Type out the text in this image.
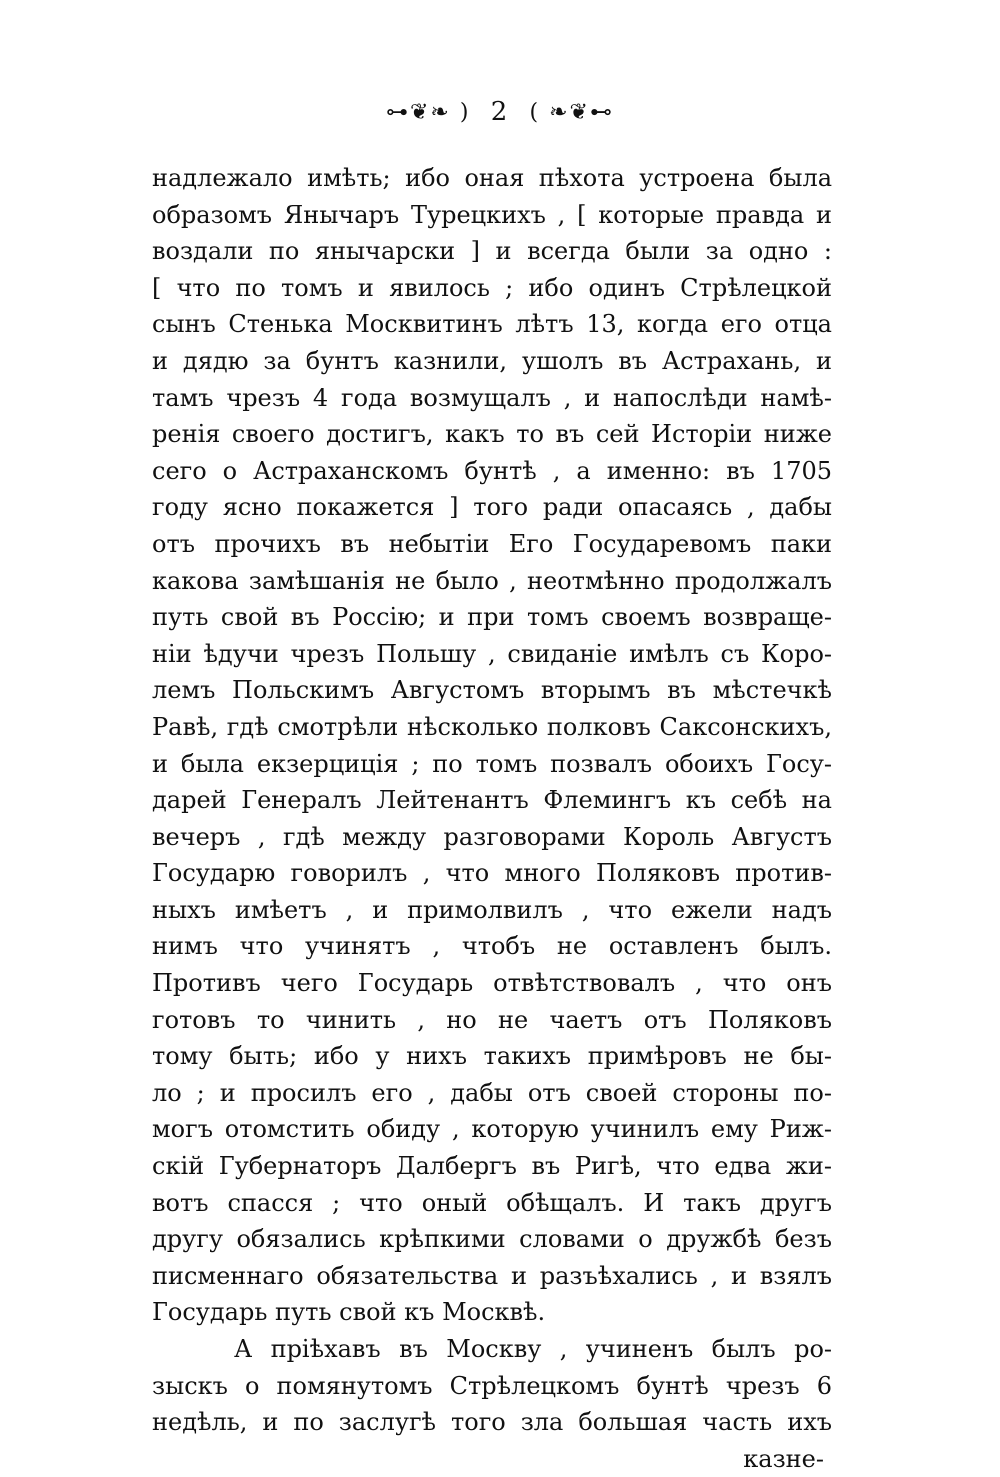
⊶❦❧ ) 2 ( ❧❦⊷
надлежало имѣть; ибо оная пѣхота устроена была
образомъ Янычаръ Турецкихъ , [ которые правда и
воздали по янычарски ] и всегда были за одно :
[ что по томъ и явилось ; ибо одинъ Стрѣлецкой
сынъ Стенька Москвитинъ лѣтъ 13, когда его отца
и дядю за бунтъ казнили, ушолъ въ Астрахань, и
тамъ чрезъ 4 года возмущалъ , и напослѣди намѣ-
ренія своего достигъ, какъ то въ сей Исторіи ниже
сего о Астраханскомъ бунтѣ , а именно: въ 1705
году ясно покажется ] того ради опасаясь , дабы
отъ прочихъ въ небытіи Его Государевомъ паки
какова замѣшанія не было , неотмѣнно продолжалъ
путь свой въ Россію; и при томъ своемъ возвраще-
ніи ѣдучи чрезъ Польшу , свиданіе имѣлъ съ Коро-
лемъ Польскимъ Августомъ вторымъ въ мѣстечкѣ
Равѣ, гдѣ смотрѣли нѣсколько полковъ Саксонскихъ,
и была екзерциція ; по томъ позвалъ обоихъ Госу-
дарей Генералъ Лейтенантъ Флемингъ къ себѣ на
вечеръ , гдѣ между разговорами Король Августъ
Государю говорилъ , что много Поляковъ против-
ныхъ имѣетъ , и примолвилъ , что ежели надъ
нимъ что учинятъ , чтобъ не оставленъ былъ.
Противъ чего Государь отвѣтствовалъ , что онъ
готовъ то чинить , но не чаетъ отъ Поляковъ
тому быть; ибо у нихъ такихъ примѣровъ не бы-
ло ; и просилъ его , дабы отъ своей стороны по-
могъ отомстить обиду , которую учинилъ ему Риж-
скій Губернаторъ Далбергъ въ Ригѣ, что едва жи-
вотъ спасся ; что оный обѣщалъ. И такъ другъ
другу обязались крѣпкими словами о дружбѣ безъ
писменнаго обязательства и разъѣхались , и взялъ
Государь путь свой къ Москвѣ.
А пріѣхавъ въ Москву , учиненъ былъ ро-
зыскъ о помянутомъ Стрѣлецкомъ бунтѣ чрезъ 6
недѣль, и по заслугѣ того зла большая часть ихъ
казне-
